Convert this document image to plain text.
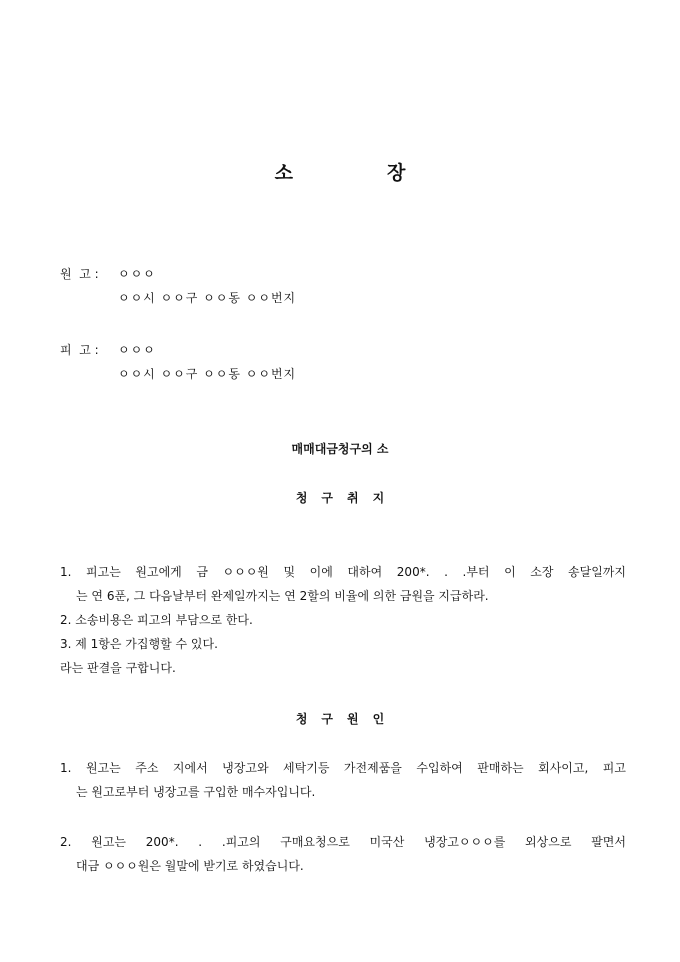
소	장
원  고 :	ㅇㅇㅇ
ㅇㅇ시 ㅇㅇ구 ㅇㅇ동 ㅇㅇ번지
피  고 :	ㅇㅇㅇ
ㅇㅇ시 ㅇㅇ구 ㅇㅇ동 ㅇㅇ번지
매매대금청구의 소
청구취지
1. 피고는 원고에게 금 ㅇㅇㅇ원 및 이에 대하여 200*. . .부터 이 소장 송달일까지
는 연 6푼, 그 다음날부터 완제일까지는 연 2할의 비율에 의한 금원을 지급하라.
2. 소송비용은 피고의 부담으로 한다.
3. 제 1항은 가집행할 수 있다.
라는 판결을 구합니다.
청구원인
1. 원고는 주소 지에서 냉장고와 세탁기등 가전제품을 수입하여 판매하는 회사이고, 피고
는 원고로부터 냉장고를 구입한 매수자입니다.
2. 원고는 200*. . .피고의 구매요청으로 미국산 냉장고ㅇㅇㅇ를 외상으로 팔면서
대금 ㅇㅇㅇ원은 월말에 받기로 하였습니다.
